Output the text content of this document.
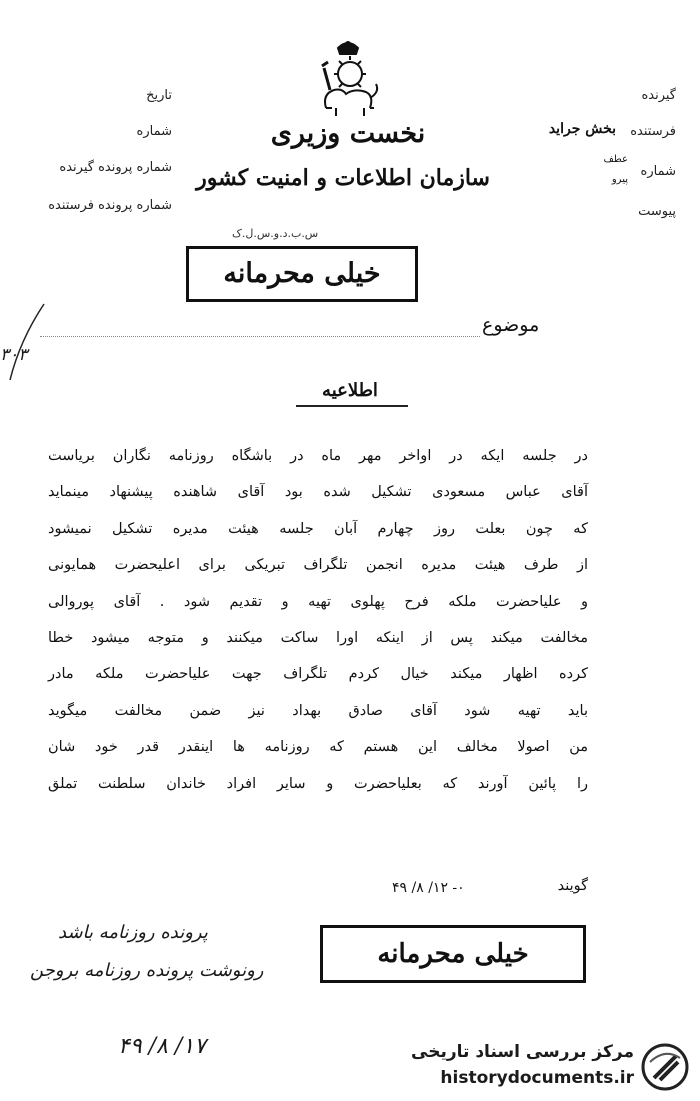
گیرنده
فرستنده
بخش جراید
شماره
عطف
پیرو
پیوست
تاریخ
شماره
شماره پرونده گیرنده
شماره پرونده فرستنده
نخست وزیری
سازمان اطلاعات و امنیت کشور
س.ب.د.و.س.ل.ک
خیلی محرمانه
موضوع
اطلاعیه
در جلسه ایکه در اواخر مهر ماه در باشگاه روزنامه نگاران بریاست
آقای عباس مسعودی تشکیل شده بود آقای شاهنده پیشنهاد مینماید
که چون بعلت روز چهارم آبان جلسه هیئت مدیره تشکیل نمیشود
از طرف هیئت مدیره انجمن تلگراف تبریکی برای اعلیحضرت همایونی
و علیاحضرت ملکه فرح پهلوی تهیه و تقدیم شود . آقای پوروالی
مخالفت میکند پس از اینکه اورا ساکت میکنند و متوجه میشود خطا
کرده اظهار میکند خیال کردم تلگراف جهت علیاحضرت ملکه مادر
باید تهیه شود آقای صادق بهداد نیز ضمن مخالفت میگوید
من اصولا مخالف این هستم که روزنامه ها اینقدر قدر خود شان
را پائین آورند که بعلیاحضرت و سایر افراد خاندان سلطنت تملق
گویند
۰- ۱۲/ ۸/ ۴۹
خیلی محرمانه
پرونده روزنامه باشد
رونوشت پرونده روزنامه بروجن
۱۷/ ۸/ ۴۹
۳۰۳
مرکز بررسی اسناد تاریخی
historydocuments.ir
